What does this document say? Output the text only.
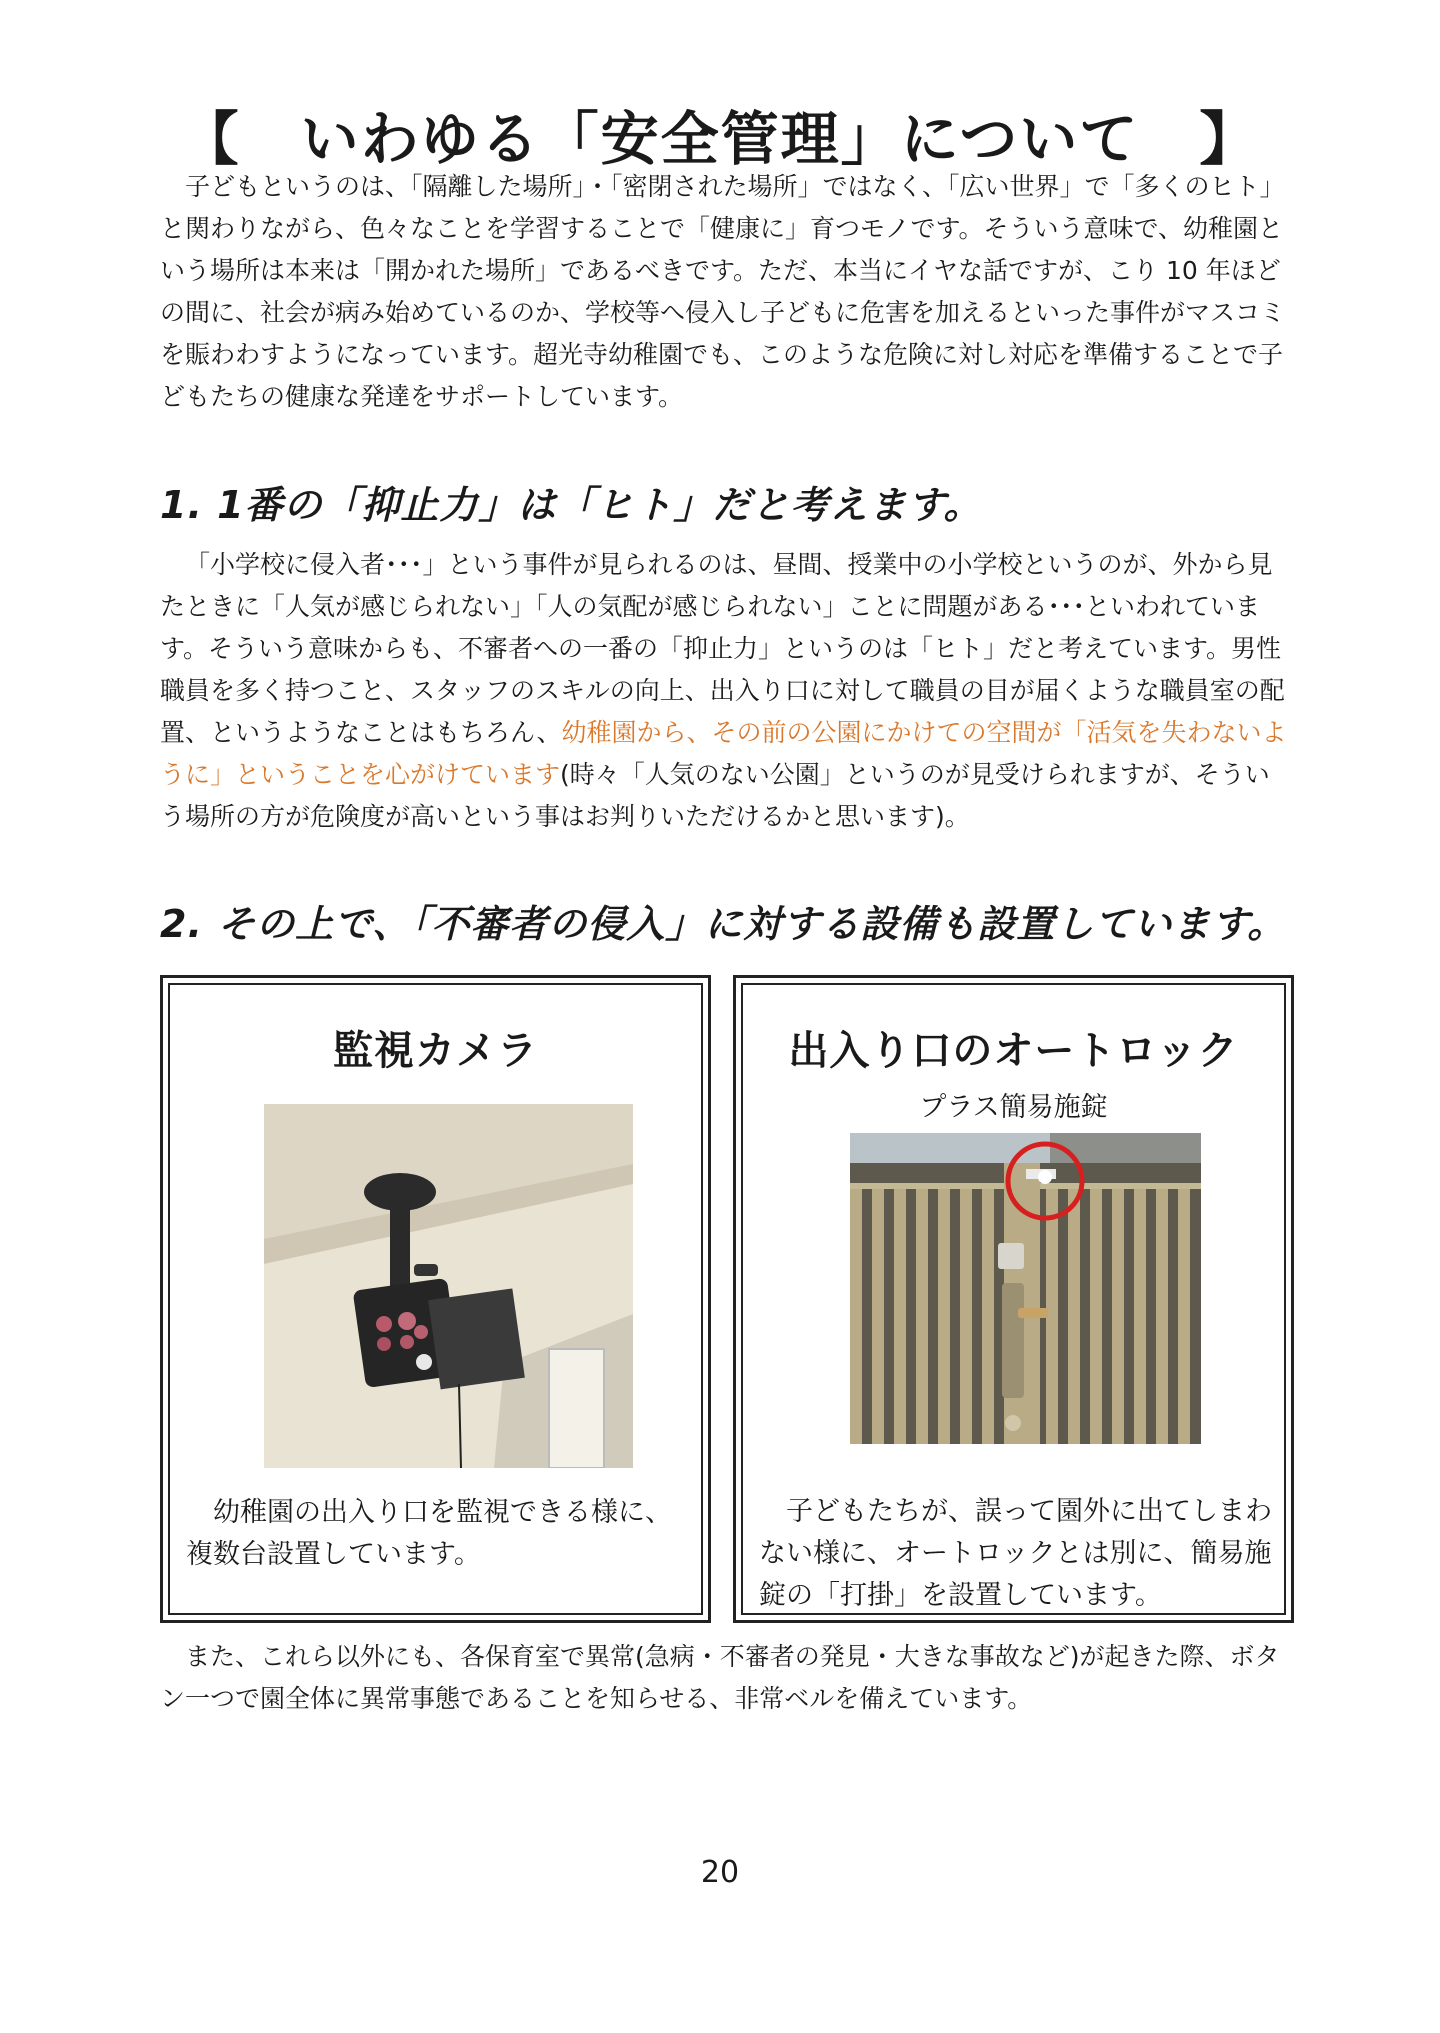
【　いわゆる「安全管理」について　】

子どもというのは、「隔離した場所」・「密閉された場所」ではなく、「広い世界」で「多くのヒト」と関わりながら、色々なことを学習することで「健康に」育つモノです。そういう意味で、幼稚園という場所は本来は「開かれた場所」であるべきです。ただ、本当にイヤな話ですが、こり 10 年ほどの間に、社会が病み始めているのか、学校等へ侵入し子どもに危害を加えるといった事件がマスコミを賑わわすようになっています。超光寺幼稚園でも、このような危険に対し対応を準備することで子どもたちの健康な発達をサポートしています。

1. 1番の「抑止力」は「ヒト」だと考えます。

「小学校に侵入者･･･」という事件が見られるのは、昼間、授業中の小学校というのが、外から見たときに「人気が感じられない」「人の気配が感じられない」ことに問題がある･･･といわれています。そういう意味からも、不審者への一番の「抑止力」というのは「ヒト」だと考えています。男性職員を多く持つこと、スタッフのスキルの向上、出入り口に対して職員の目が届くような職員室の配置、というようなことはもちろん、幼稚園から、その前の公園にかけての空間が「活気を失わないように」ということを心がけています(時々「人気のない公園」というのが見受けられますが、そういう場所の方が危険度が高いという事はお判りいただけるかと思います)。

2. その上で、「不審者の侵入」に対する設備も設置しています。
監視カメラ

幼稚園の出入り口を監視できる様に、複数台設置しています。

出入り口のオートロック

プラス簡易施錠

子どもたちが、誤って園外に出てしまわない様に、オートロックとは別に、簡易施錠の「打掛」を設置しています。

また、これら以外にも、各保育室で異常(急病・不審者の発見・大きな事故など)が起きた際、ボタン一つで園全体に異常事態であることを知らせる、非常ベルを備えています。

20
